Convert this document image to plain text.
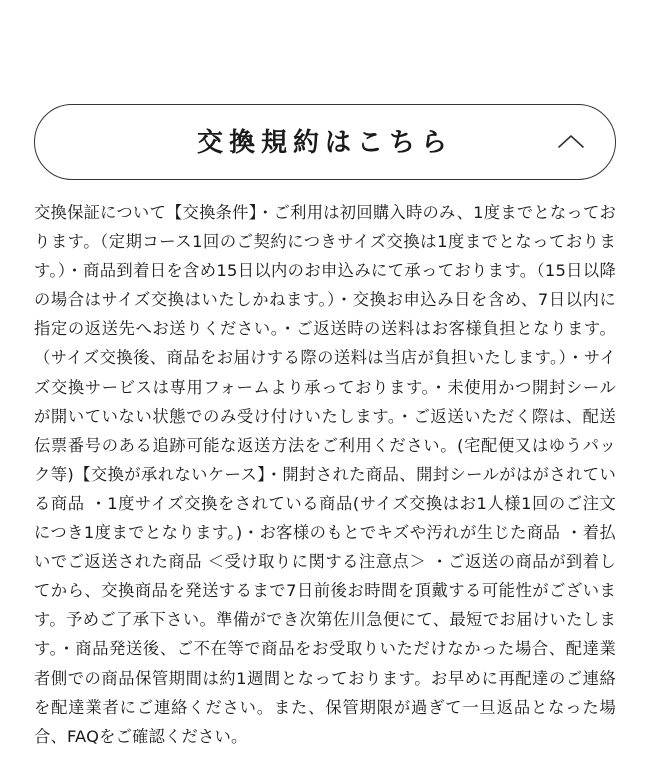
交換規約はこちら

交換保証について【交換条件】・ご利用は初回購入時のみ、1度までとなっております。（定期コース1回のご契約につきサイズ交換は1度までとなっております。）・商品到着日を含め15日以内のお申込みにて承っております。（15日以降の場合はサイズ交換はいたしかねます。）・交換お申込み日を含め、7日以内に指定の返送先へお送りください。・ご返送時の送料はお客様負担となります。（サイズ交換後、商品をお届けする際の送料は当店が負担いたします。）・サイズ交換サービスは専用フォームより承っております。・未使用かつ開封シールが開いていない状態でのみ受け付けいたします。・ご返送いただく際は、配送伝票番号のある追跡可能な返送方法をご利用ください。(宅配便又はゆうパック等)【交換が承れないケース】・開封された商品、開封シールがはがされている商品 ・1度サイズ交換をされている商品(サイズ交換はお1人様1回のご注文につき1度までとなります。)・お客様のもとでキズや汚れが生じた商品 ・着払いでご返送された商品 ＜受け取りに関する注意点＞ ・ご返送の商品が到着してから、交換商品を発送するまで7日前後お時間を頂戴する可能性がございます。予めご了承下さい。準備ができ次第佐川急便にて、最短でお届けいたします。・商品発送後、ご不在等で商品をお受取りいただけなかった場合、配達業者側での商品保管期間は約1週間となっております。お早めに再配達のご連絡を配達業者にご連絡ください。また、保管期限が過ぎて一旦返品となった場合、FAQをご確認ください。
